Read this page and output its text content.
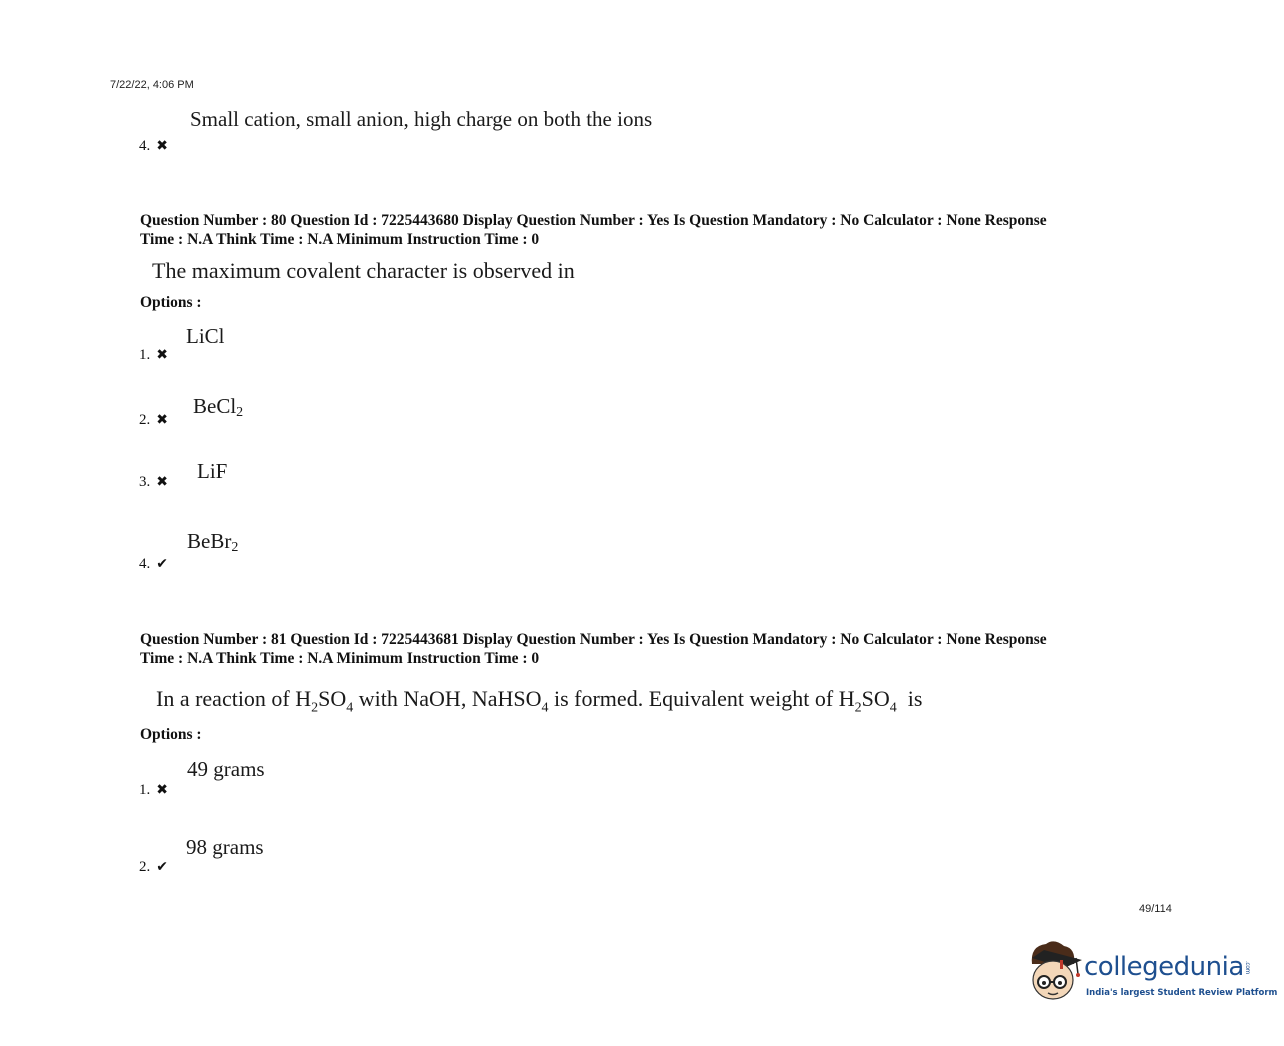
7/22/22, 4:06 PM
Small cation, small anion, high charge on both the ions
4. ✖
Question Number : 80 Question Id : 7225443680 Display Question Number : Yes Is Question Mandatory : No Calculator : None Response
Time : N.A Think Time : N.A Minimum Instruction Time : 0
The maximum covalent character is observed in
Options :
LiCl
1. ✖
BeCl$_2$
2. ✖
LiF
3. ✖
BeBr$_2$
4. ✔
Question Number : 81 Question Id : 7225443681 Display Question Number : Yes Is Question Mandatory : No Calculator : None Response
Time : N.A Think Time : N.A Minimum Instruction Time : 0
In a reaction of $H_2SO_4$ with NaOH, NaHSO$_4$ is formed. Equivalent weight of $H_2SO_4$  is
Options :
49 grams
1. ✖
98 grams
2. ✔
49/114
collegedunia.com
India's largest Student Review Platform
